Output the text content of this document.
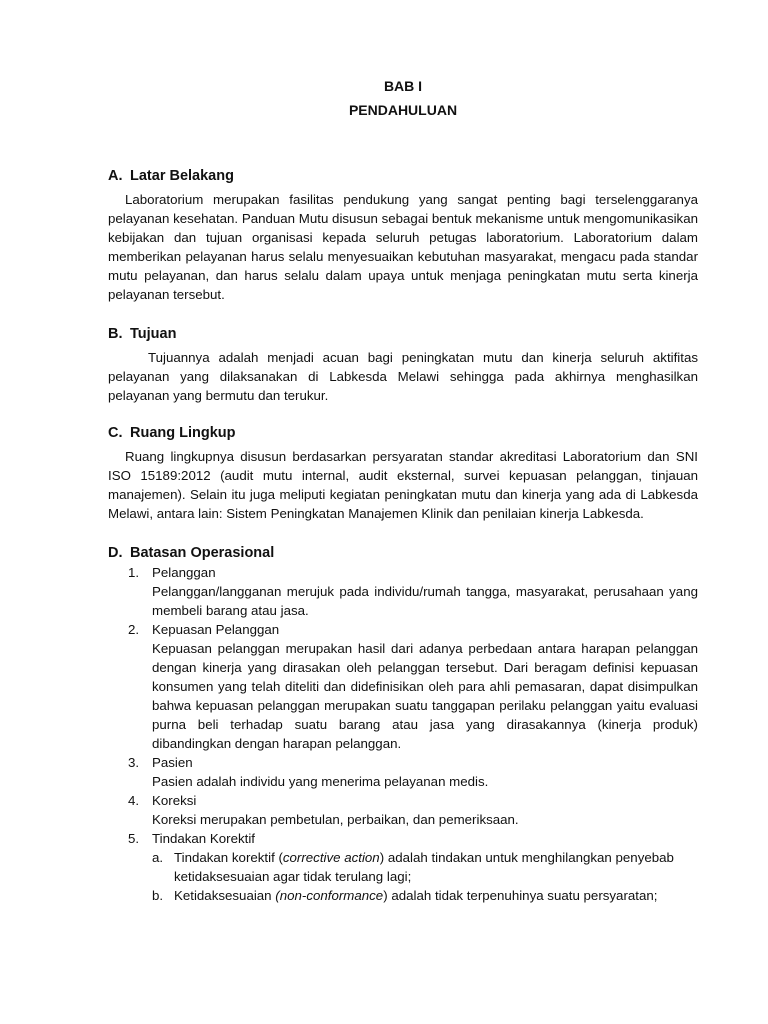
BAB I
PENDAHULUAN
A. Latar Belakang

Laboratorium merupakan fasilitas pendukung yang sangat penting bagi terselenggaranya pelayanan kesehatan. Panduan Mutu disusun sebagai bentuk mekanisme untuk mengomunikasikan kebijakan dan tujuan organisasi kepada seluruh petugas laboratorium. Laboratorium dalam memberikan pelayanan harus selalu menyesuaikan kebutuhan masyarakat, mengacu pada standar mutu pelayanan, dan harus selalu dalam upaya untuk menjaga peningkatan mutu serta kinerja pelayanan tersebut.

B. Tujuan

Tujuannya adalah menjadi acuan bagi peningkatan mutu dan kinerja seluruh aktifitas pelayanan yang dilaksanakan di Labkesda Melawi sehingga pada akhirnya menghasilkan pelayanan yang bermutu dan terukur.

C. Ruang Lingkup

Ruang lingkupnya disusun berdasarkan persyaratan standar akreditasi Laboratorium dan SNI ISO 15189:2012 (audit mutu internal, audit eksternal, survei kepuasan pelanggan, tinjauan manajemen). Selain itu juga meliputi kegiatan peningkatan mutu dan kinerja yang ada di Labkesda Melawi, antara lain: Sistem Peningkatan Manajemen Klinik dan penilaian kinerja Labkesda.

D. Batasan Operasional
1. Pelanggan
Pelanggan/langganan merujuk pada individu/rumah tangga, masyarakat, perusahaan yang membeli barang atau jasa.
2. Kepuasan Pelanggan
Kepuasan pelanggan merupakan hasil dari adanya perbedaan antara harapan pelanggan dengan kinerja yang dirasakan oleh pelanggan tersebut. Dari beragam definisi kepuasan konsumen yang telah diteliti dan didefinisikan oleh para ahli pemasaran, dapat disimpulkan bahwa kepuasan pelanggan merupakan suatu tanggapan perilaku pelanggan yaitu evaluasi purna beli terhadap suatu barang atau jasa yang dirasakannya (kinerja produk) dibandingkan dengan harapan pelanggan.
3. Pasien
Pasien adalah individu yang menerima pelayanan medis.
4. Koreksi
Koreksi merupakan pembetulan, perbaikan, dan pemeriksaan.
5. Tindakan Korektif
a. Tindakan korektif (corrective action) adalah tindakan untuk menghilangkan penyebab ketidaksesuaian agar tidak terulang lagi;
b. Ketidaksesuaian (non-conformance) adalah tidak terpenuhinya suatu persyaratan;
